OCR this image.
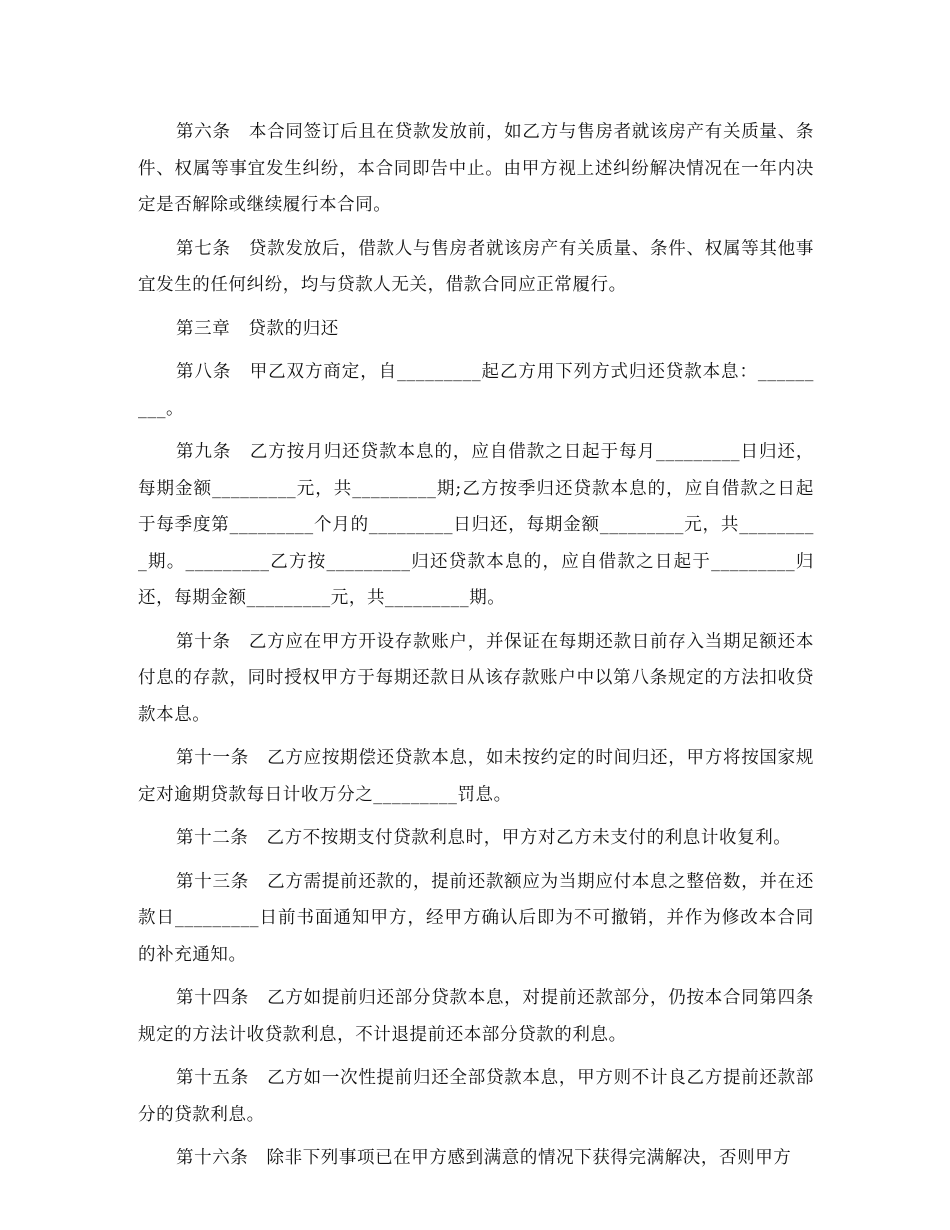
第六条　本合同签订后且在贷款发放前，如乙方与售房者就该房产有关质量、条件、权属等事宜发生纠纷，本合同即告中止。由甲方视上述纠纷解决情况在一年内决定是否解除或继续履行本合同。

第七条　贷款发放后，借款人与售房者就该房产有关质量、条件、权属等其他事宜发生的任何纠纷，均与贷款人无关，借款合同应正常履行。

第三章　贷款的归还

第八条　甲乙双方商定，自_________起乙方用下列方式归还贷款本息：_________。

第九条　乙方按月归还贷款本息的，应自借款之日起于每月_________日归还，每期金额_________元，共_________期;乙方按季归还贷款本息的，应自借款之日起于每季度第_________个月的_________日归还，每期金额_________元，共_________期。_________乙方按_________归还贷款本息的，应自借款之日起于_________归还，每期金额_________元，共_________期。

第十条　乙方应在甲方开设存款账户，并保证在每期还款日前存入当期足额还本付息的存款，同时授权甲方于每期还款日从该存款账户中以第八条规定的方法扣收贷款本息。

第十一条　乙方应按期偿还贷款本息，如未按约定的时间归还，甲方将按国家规定对逾期贷款每日计收万分之_________罚息。

第十二条　乙方不按期支付贷款利息时，甲方对乙方未支付的利息计收复利。

第十三条　乙方需提前还款的，提前还款额应为当期应付本息之整倍数，并在还款日_________日前书面通知甲方，经甲方确认后即为不可撤销，并作为修改本合同的补充通知。

第十四条　乙方如提前归还部分贷款本息，对提前还款部分，仍按本合同第四条规定的方法计收贷款利息，不计退提前还本部分贷款的利息。

第十五条　乙方如一次性提前归还全部贷款本息，甲方则不计良乙方提前还款部分的贷款利息。

第十六条　除非下列事项已在甲方感到满意的情况下获得完满解决，否则甲方
